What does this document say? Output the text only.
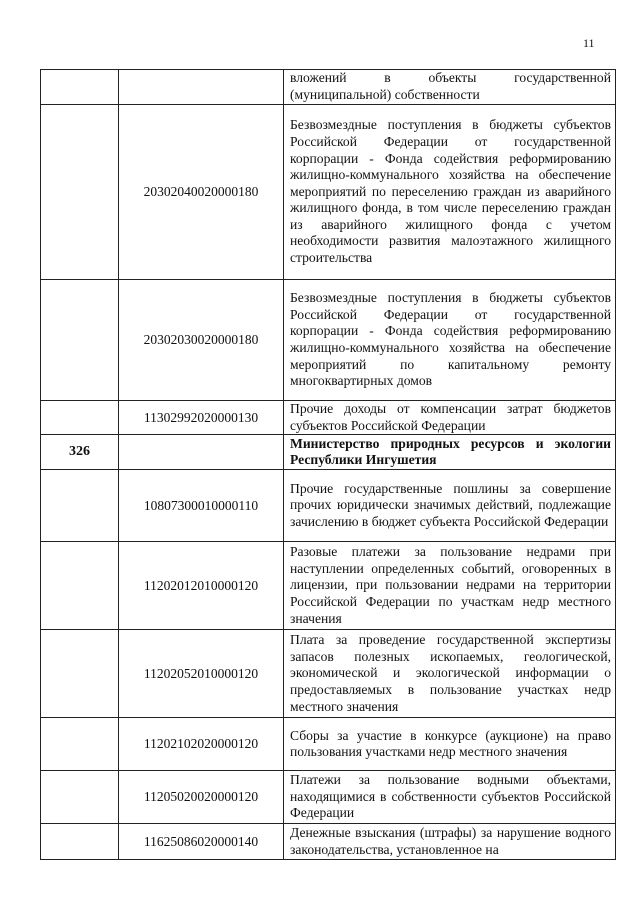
11
		вложений в объекты государственной (муниципальной) собственности
	20302040020000180	Безвозмездные поступления в бюджеты субъектов Российской Федерации от государственной корпорации - Фонда содействия реформированию жилищно-коммунального хозяйства на обеспечение мероприятий по переселению граждан из аварийного жилищного фонда, в том числе переселению граждан из аварийного жилищного фонда с учетом необходимости развития малоэтажного жилищного строительства
	20302030020000180	Безвозмездные поступления в бюджеты субъектов Российской Федерации от государственной корпорации - Фонда содействия реформированию жилищно-коммунального хозяйства на обеспечение мероприятий по капитальному ремонту многоквартирных домов
	11302992020000130	Прочие доходы от компенсации затрат бюджетов субъектов Российской Федерации
326		Министерство природных ресурсов и экологии Республики Ингушетия
	10807300010000110	Прочие государственные пошлины за совершение прочих юридически значимых действий, подлежащие зачислению в бюджет субъекта Российской Федерации
	11202012010000120	Разовые платежи за пользование недрами при наступлении определенных событий, оговоренных в лицензии, при пользовании недрами на территории Российской Федерации по участкам недр местного значения
	11202052010000120	Плата за проведение государственной экспертизы запасов полезных ископаемых, геологической, экономической и экологической информации о предоставляемых в пользование участках недр местного значения
	11202102020000120	Сборы за участие в конкурсе (аукционе) на право пользования участками недр местного значения
	11205020020000120	Платежи за пользование водными объектами, находящимися в собственности субъектов Российской Федерации
	11625086020000140	Денежные взыскания (штрафы) за нарушение водного законодательства, установленное на
